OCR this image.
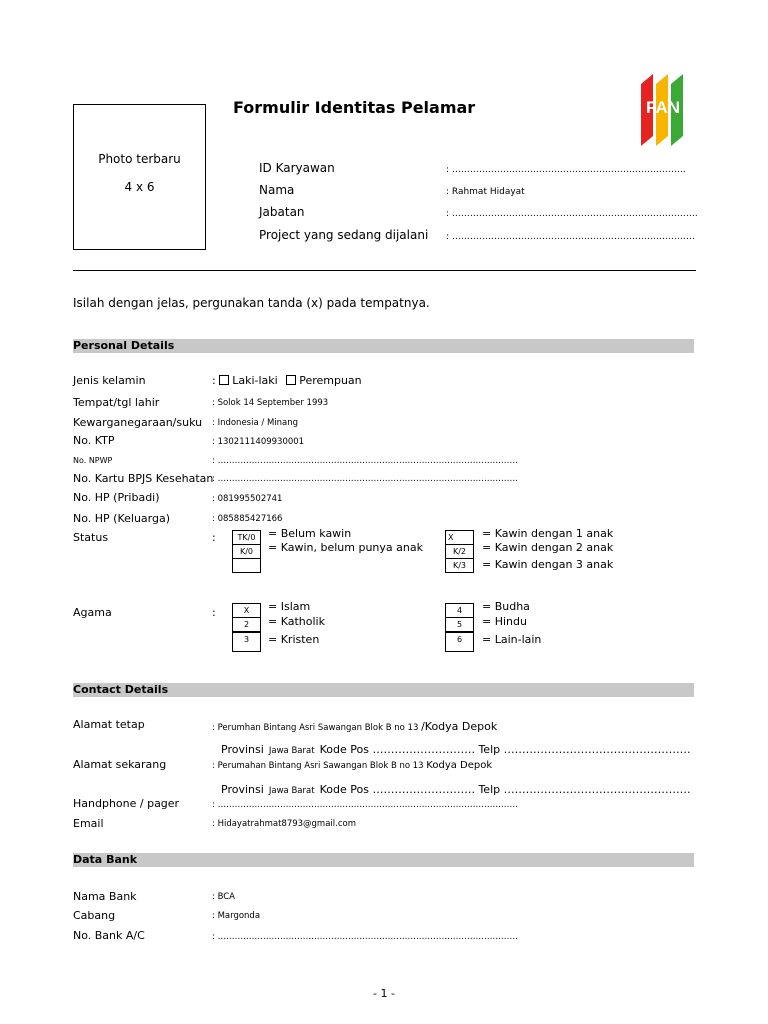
Photo terbaru
4 x 6
Formulir Identitas Pelamar	FAN
ID Karyawan	: ……………………………………………………………………
Nama	: Rahmat Hidayat
Jabatan	: ……………………………………………………………………….
Project yang sedang dijalani : ………………………………………………………………………
Isilah dengan jelas, pergunakan tanda (x) pada tempatnya.
Personal Details
Jenis kelamin	: Laki-laki Perempuan
Tempat/tgl lahir	: Solok 14 September 1993
Kewarganegaraan/suku : Indonesia / Minang
No. KTP	: 1302111409930001
No. NPWP	: …………………………………………………………………………………………….
No. Kartu BPJS Kesehatan
: …………………………………………………………………………………………….
No. HP (Pribadi)	: 081995502741
No. HP (Keluarga)	: 085885427166
Status	:	TK/0	= Belum kawin
K/0	= Kawin, belum punya anak
X	= Kawin dengan 1 anak
K/2	= Kawin dengan 2 anak
K/3	= Kawin dengan 3 anak
Agama	:	X	= Islam
2	= Katholik
3	= Kristen
4	= Budha
5	= Hindu
6	= Lain-lain
Contact Details
Alamat tetap	: Perumhan Bintang Asri Sawangan Blok B no 13 /Kodya Depok
Provinsi Jawa Barat Kode Pos ………………………. Telp ……………………………………………
Alamat sekarang	: Perumahan Bintang Asri Sawangan Blok B no 13 Kodya Depok
Provinsi Jawa Barat Kode Pos ………………………. Telp ……………………………………………
Handphone / pager	: …………………………………………………………………………………………….
Email	: Hidayatrahmat8793@gmail.com
Data Bank
Nama Bank	: BCA
Cabang	: Margonda
No. Bank A/C	: …………………………………………………………………………………………….
- 1 -
